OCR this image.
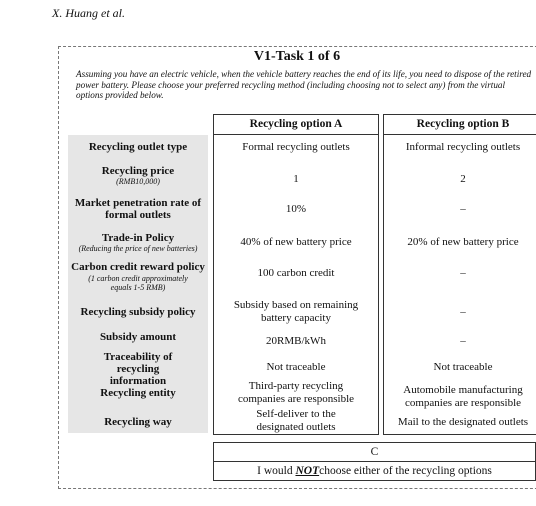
X. Huang et al.
V1-Task 1 of 6
Assuming you have an electric vehicle, when the vehicle battery reaches the end of its life, you need to dispose of the retired power battery. Please choose your preferred recycling method (including choosing not to select any) from the virtual options provided below.
Recycling option A	Recycling option B
Recycling outlet type
Recycling price
(RMB10,000)
Market penetration rate of formal outlets
Trade-in Policy
(Reducing the price of new batteries)
Carbon credit reward policy
(1 carbon credit approximately equals 1-5 RMB)
Recycling subsidy policy
Subsidy amount
Traceability of recycling information
Recycling entity
Recycling way
Formal recycling outlets
1
10%
40% of new battery price
100 carbon credit
Subsidy based on remaining battery capacity
20RMB/kWh
Not traceable
Third-party recycling companies are responsible
Self-deliver to the designated outlets
Informal recycling outlets
2
–
20% of new battery price
–
–
–
Not traceable
Automobile manufacturing companies are responsible
Mail to the designated outlets
C
I would NOTchoose either of the recycling options
